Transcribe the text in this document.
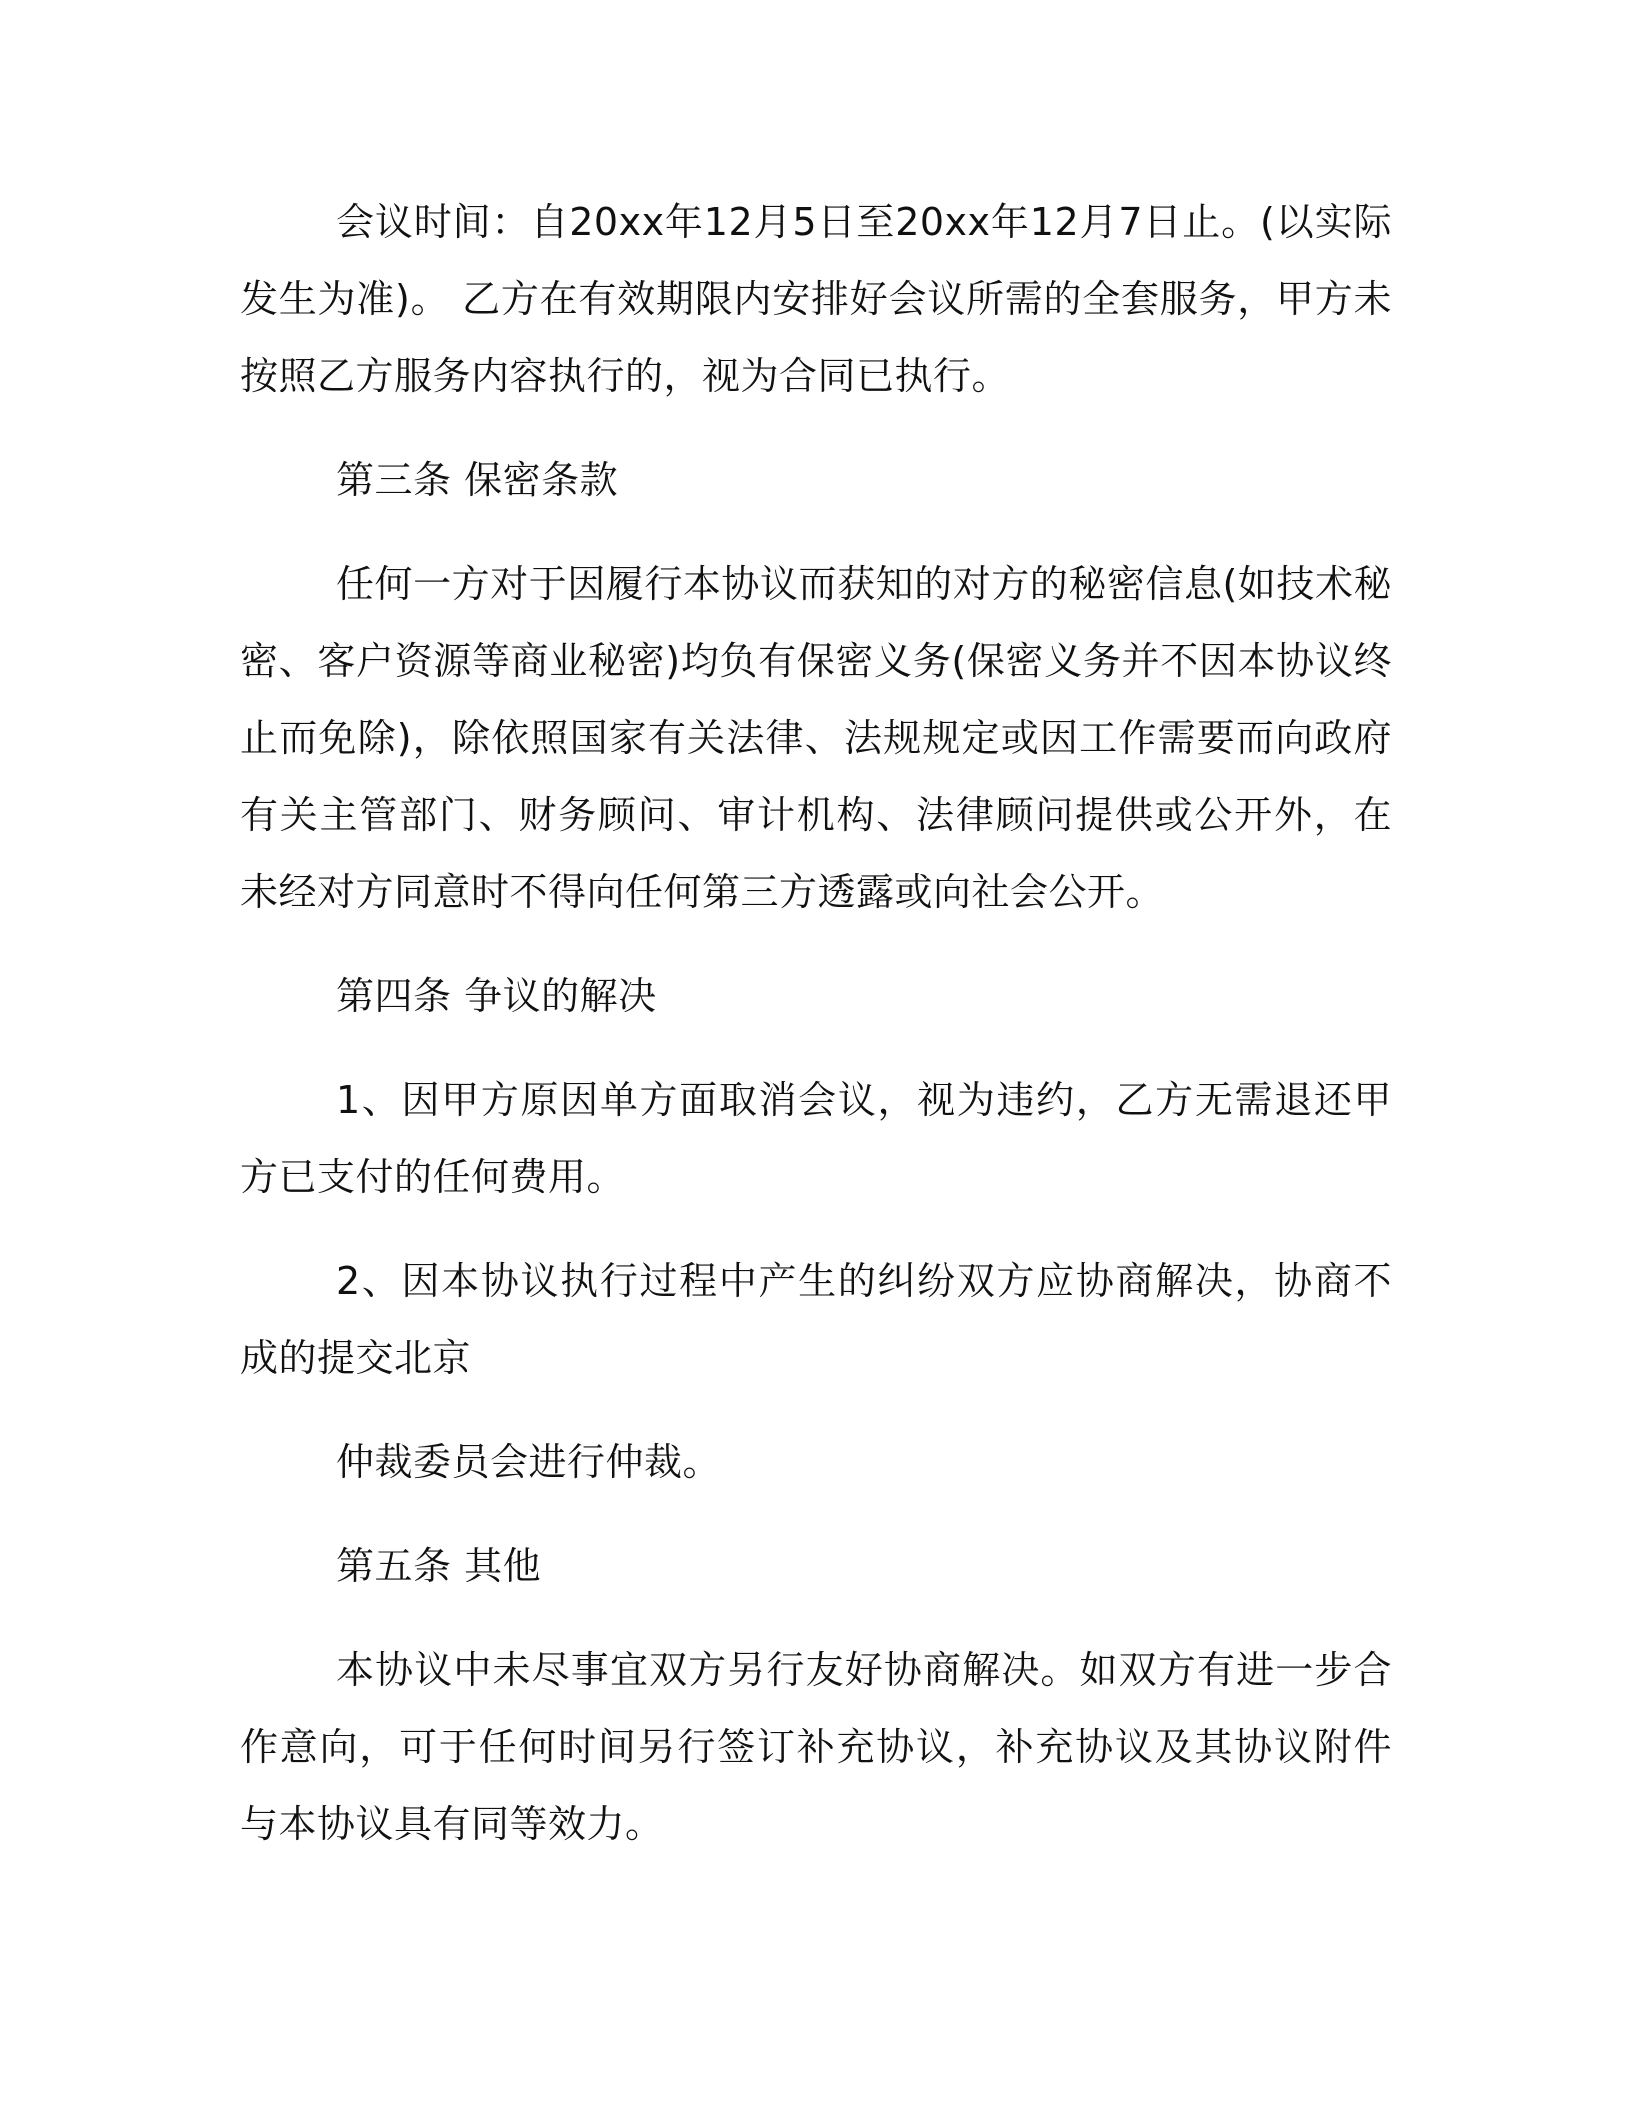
会议时间：自20xx年12月5日至20xx年12月7日止。(以实际发生为准)。 乙方在有效期限内安排好会议所需的全套服务，甲方未按照乙方服务内容执行的，视为合同已执行。

第三条 保密条款

任何一方对于因履行本协议而获知的对方的秘密信息(如技术秘密、客户资源等商业秘密)均负有保密义务(保密义务并不因本协议终止而免除)，除依照国家有关法律、法规规定或因工作需要而向政府有关主管部门、财务顾问、审计机构、法律顾问提供或公开外，在未经对方同意时不得向任何第三方透露或向社会公开。

第四条 争议的解决

1、因甲方原因单方面取消会议，视为违约，乙方无需退还甲方已支付的任何费用。

2、因本协议执行过程中产生的纠纷双方应协商解决，协商不成的提交北京

仲裁委员会进行仲裁。

第五条 其他

本协议中未尽事宜双方另行友好协商解决。如双方有进一步合作意向，可于任何时间另行签订补充协议，补充协议及其协议附件与本协议具有同等效力。
